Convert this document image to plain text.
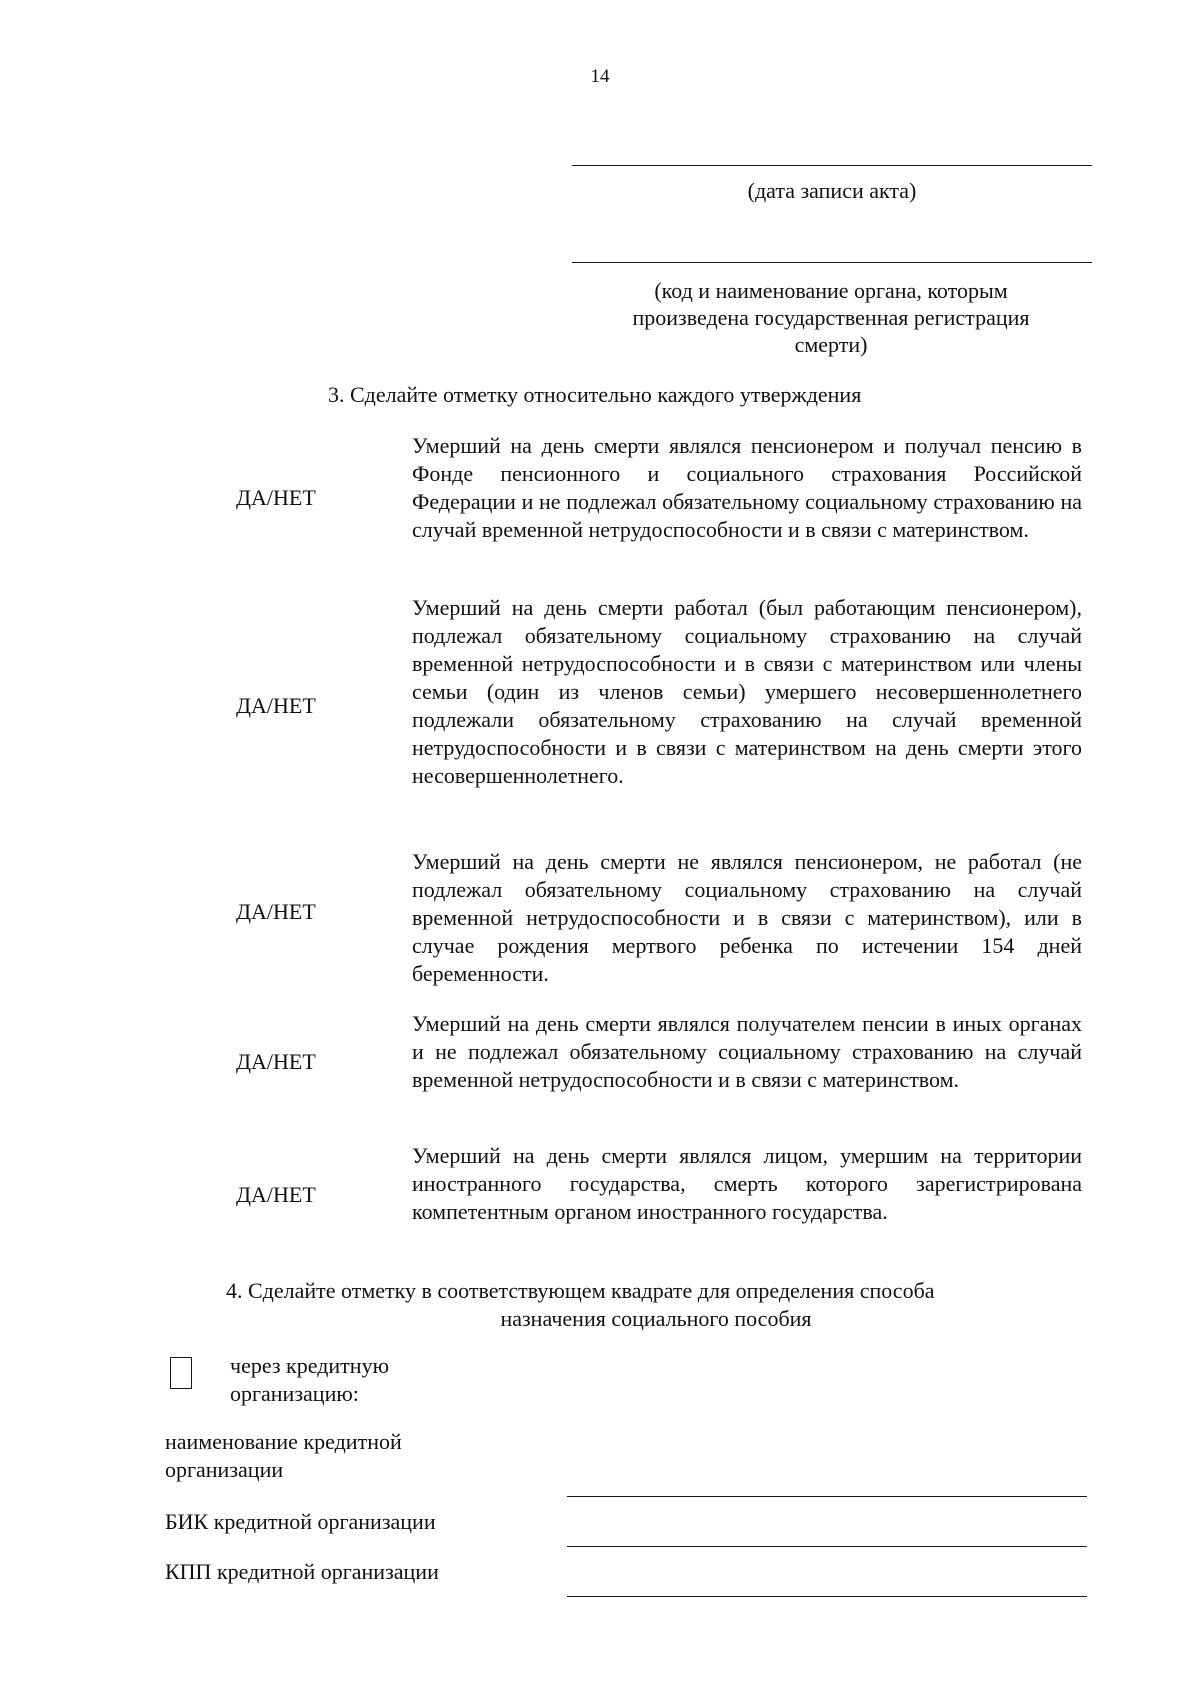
14
(дата записи акта)
(код и наименование органа, которым произведена государственная регистрация смерти)
3. Сделайте отметку относительно каждого утверждения
ДА/НЕТ
Умерший на день смерти являлся пенсионером и получал пенсию в Фонде пенсионного и социального страхования Российской Федерации и не подлежал обязательному социальному страхованию на случай временной нетрудоспособности и в связи с материнством.
ДА/НЕТ
Умерший на день смерти работал (был работающим пенсионером), подлежал обязательному социальному страхованию на случай временной нетрудоспособности и в связи с материнством или члены семьи (один из членов семьи) умершего несовершеннолетнего подлежали обязательному страхованию на случай временной нетрудоспособности и в связи с материнством на день смерти этого несовершеннолетнего.
ДА/НЕТ
Умерший на день смерти не являлся пенсионером, не работал (не подлежал обязательному социальному страхованию на случай временной нетрудоспособности и в связи с материнством), или в случае рождения мертвого ребенка по истечении 154 дней беременности.
ДА/НЕТ
Умерший на день смерти являлся получателем пенсии в иных органах и не подлежал обязательному социальному страхованию на случай временной нетрудоспособности и в связи с материнством.
ДА/НЕТ
Умерший на день смерти являлся лицом, умершим на территории иностранного государства, смерть которого зарегистрирована компетентным органом иностранного государства.
4. Сделайте отметку в соответствующем квадрате для определения способа
назначения социального пособия
через кредитную организацию:
наименование кредитной организации
БИК кредитной организации
КПП кредитной организации
